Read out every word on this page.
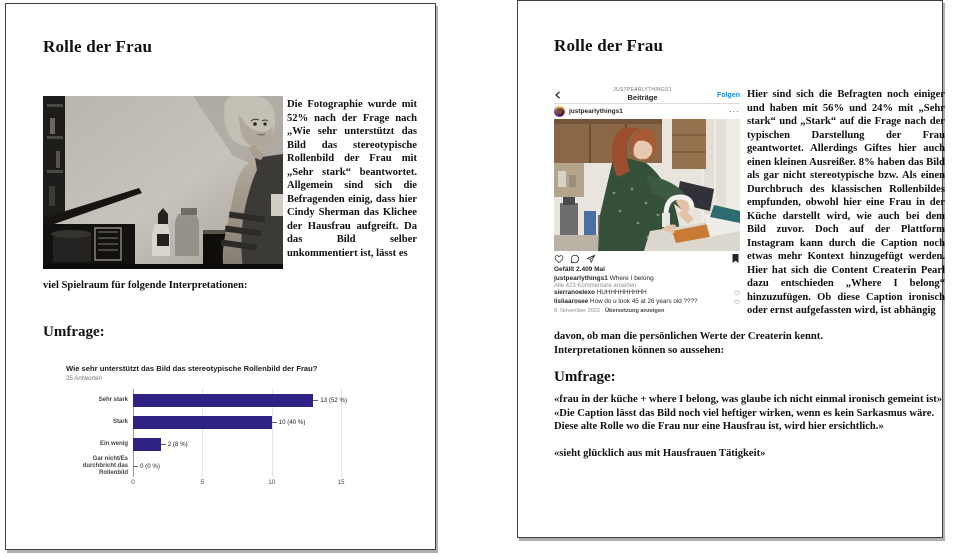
Rolle der Frau

Die Fotographie wurde mit 52% nach der Frage nach „Wie sehr unterstützt das Bild das stereotypische Rollenbild der Frau mit „Sehr stark“ beantwortet. Allgemein sind sich die Befragenden einig, dass hier Cindy Sherman das Klichee der Hausfrau aufgreift. Da das Bild selber unkommentiert ist, lässt es

viel Spielraum für folgende Interpretationen:

Umfrage:
Wie sehr unterstützt das Bild das stereotypische Rollenbild der Frau?
25 Antworten
Sehr stark	13 (52 %)
Stark	10 (40 %)
Ein wenig	2 (8 %)
Gar nicht/Es durchbricht das Rollenbild
0 (0 %)
0	5	10	15
Rolle der Frau
JUSTPEARLYTHINGS1
Beiträge	Folgen
justpearlythings1	···
Gefällt 2.409 Mal
justpearlythings1 Where I belong
Alle 423 Kommentare ansehen
sierranoelexo HUHHHHHHHHH
lisliaarosee How do u look 45 at 26 years old ????
8. November 2022 · Übersetzung anzeigen

Hier sind sich die Befragten noch einiger und haben mit 56% und 24% mit „Sehr stark“ und „Stark“ auf die Frage nach der typischen Darstellung der Frau geantwortet. Allerdings Giftes hier auch einen kleinen Ausreißer. 8% haben das Bild als gar nicht stereotypische bzw. Als einen Durchbruch des klassischen Rollenbildes empfunden, obwohl hier eine Frau in der Küche darstellt wird, wie auch bei dem Bild zuvor. Doch auf der Plattform Instagram kann durch die Caption noch etwas mehr Kontext hinzugefügt werden. Hier hat sich die Content Createrin Pearl dazu entschieden „Where I belong“ hinzuzufügen. Ob diese Caption ironisch oder ernst aufgefassten wird, ist abhängig

davon, ob man die persönlichen Werte der Createrin kennt.
Interpretationen können so aussehen:
Umfrage:

«frau in der küche + where I belong, was glaube ich nicht einmal ironisch gemeint ist»

«Die Caption lässt das Bild noch viel heftiger wirken, wenn es kein Sarkasmus wäre. Diese alte Rolle wo die Frau nur eine Hausfrau ist, wird hier ersichtlich.»

«sieht glücklich aus mit Hausfrauen Tätigkeit»
